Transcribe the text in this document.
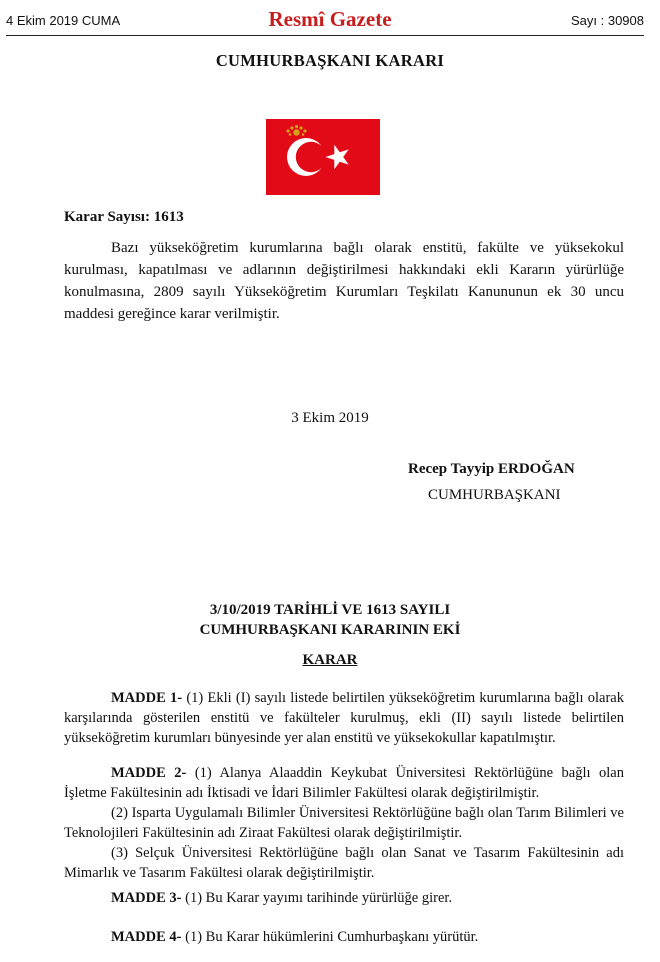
4 Ekim 2019 CUMA	Resmî Gazete	Sayı : 30908
CUMHURBAŞKANI KARARI
Karar Sayısı: 1613
Bazı yükseköğretim kurumlarına bağlı olarak enstitü, fakülte ve yüksekokul kurulması, kapatılması ve adlarının değiştirilmesi hakkındaki ekli Kararın yürürlüğe konulmasına, 2809 sayılı Yükseköğretim Kurumları Teşkilatı Kanununun ek 30 uncu maddesi gereğince karar verilmiştir.
3 Ekim 2019
Recep Tayyip ERDOĞAN
CUMHURBAŞKANI
3/10/2019 TARİHLİ VE 1613 SAYILI
CUMHURBAŞKANI KARARININ EKİ
KARAR
MADDE 1- (1) Ekli (I) sayılı listede belirtilen yükseköğretim kurumlarına bağlı olarak karşılarında gösterilen enstitü ve fakülteler kurulmuş, ekli (II) sayılı listede belirtilen yükseköğretim kurumları bünyesinde yer alan enstitü ve yüksekokullar kapatılmıştır.
MADDE 2- (1) Alanya Alaaddin Keykubat Üniversitesi Rektörlüğüne bağlı olan İşletme Fakültesinin adı İktisadi ve İdari Bilimler Fakültesi olarak değiştirilmiştir.
(2) Isparta Uygulamalı Bilimler Üniversitesi Rektörlüğüne bağlı olan Tarım Bilimleri ve Teknolojileri Fakültesinin adı Ziraat Fakültesi olarak değiştirilmiştir.
(3) Selçuk Üniversitesi Rektörlüğüne bağlı olan Sanat ve Tasarım Fakültesinin adı Mimarlık ve Tasarım Fakültesi olarak değiştirilmiştir.
MADDE 3- (1) Bu Karar yayımı tarihinde yürürlüğe girer.
MADDE 4- (1) Bu Karar hükümlerini Cumhurbaşkanı yürütür.
